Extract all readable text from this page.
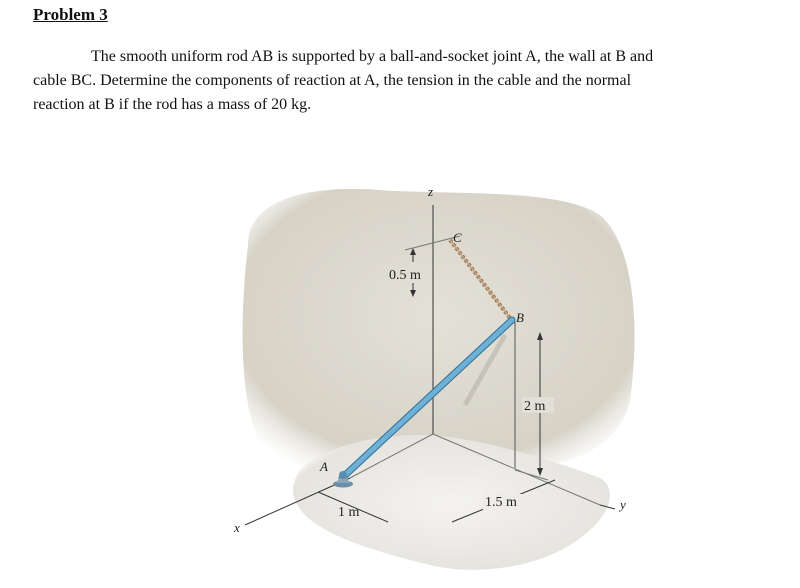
Problem 3
The smooth uniform rod AB is supported by a ball-and-socket joint A, the wall at B and
cable BC. Determine the components of reaction at A, the tension in the cable and the normal
reaction at B if the rod has a mass of 20 kg.
z
x
y
C
0.5 m
B
A
2 m
1 m
1.5 m
